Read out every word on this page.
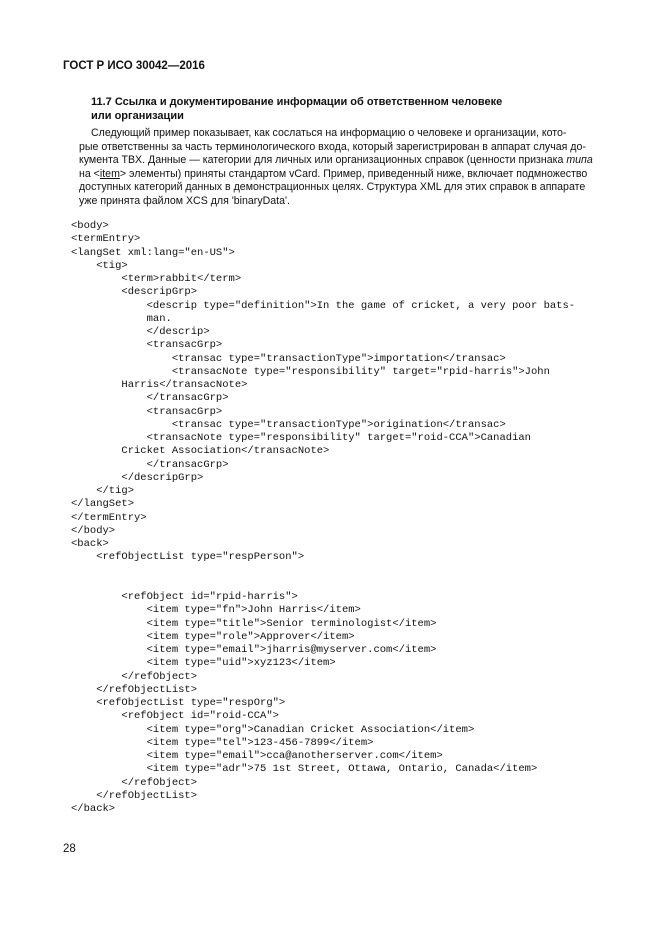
ГОСТ Р ИСО 30042—2016
11.7 Ссылка и документирование информации об ответственном человеке
или организации
Следующий пример показывает, как сослаться на информацию о человеке и организации, кото-
рые ответственны за часть терминологического входа, который зарегистрирован в аппарат случая до-
кумента TBX. Данные — категории для личных или организационных справок (ценности признака типа
на <item> элементы) приняты стандартом vCard. Пример, приведенный ниже, включает подмножество
доступных категорий данных в демонстрационных целях. Структура XML для этих справок в аппарате
уже принята файлом XCS для 'binaryData'.
<body>
<termEntry>
<langSet xml:lang="en-US">
<tig>
<term>rabbit</term>
<descripGrp>
<descrip type="definition">In the game of cricket, a very poor bats-
man.
</descrip>
<transacGrp>
<transac type="transactionType">importation</transac>
<transacNote type="responsibility" target="rpid-harris">John
Harris</transacNote>
</transacGrp>
<transacGrp>
<transac type="transactionType">origination</transac>
<transacNote type="responsibility" target="roid-CCA">Canadian
Cricket Association</transacNote>
</transacGrp>
</descripGrp>
</tig>
</langSet>
</termEntry>
</body>
<back>
<refObjectList type="respPerson">
<refObject id="rpid-harris">
<item type="fn">John Harris</item>
<item type="title">Senior terminologist</item>
<item type="role">Approver</item>
<item type="email">jharris@myserver.com</item>
<item type="uid">xyz123</item>
</refObject>
</refObjectList>
<refObjectList type="respOrg">
<refObject id="roid-CCA">
<item type="org">Canadian Cricket Association</item>
<item type="tel">123-456-7899</item>
<item type="email">cca@anotherserver.com</item>
<item type="adr">75 1st Street, Ottawa, Ontario, Canada</item>
</refObject>
</refObjectList>
</back>
28
